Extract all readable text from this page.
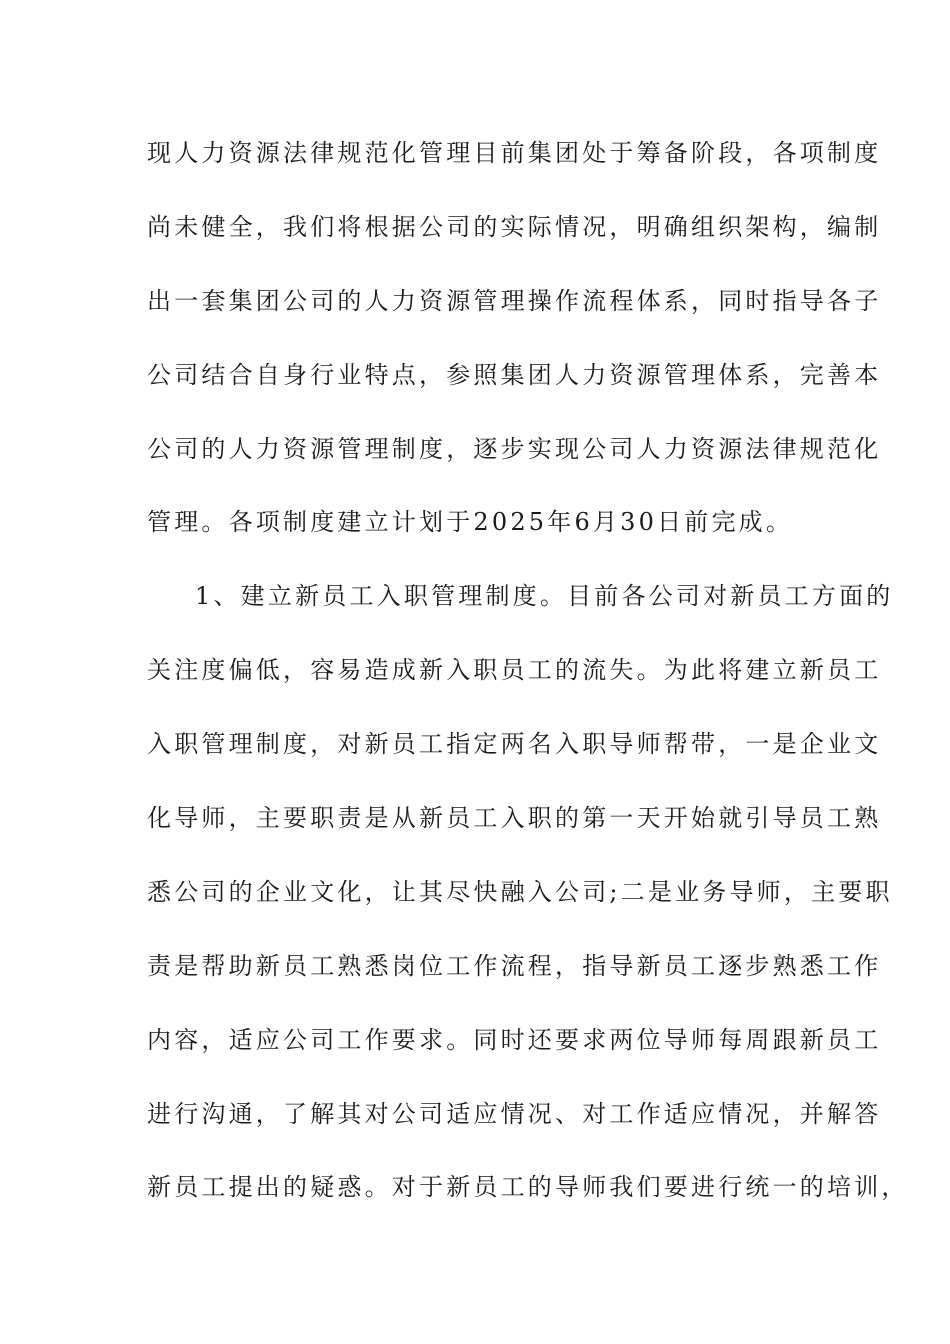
现人力资源法律规范化管理目前集团处于筹备阶段，各项制度
尚未健全，我们将根据公司的实际情况，明确组织架构，编制
出一套集团公司的人力资源管理操作流程体系，同时指导各子
公司结合自身行业特点，参照集团人力资源管理体系，完善本
公司的人力资源管理制度，逐步实现公司人力资源法律规范化
管理。各项制度建立计划于2025年6月30日前完成。
1、建立新员工入职管理制度。目前各公司对新员工方面的
关注度偏低，容易造成新入职员工的流失。为此将建立新员工
入职管理制度，对新员工指定两名入职导师帮带，一是企业文
化导师，主要职责是从新员工入职的第一天开始就引导员工熟
悉公司的企业文化，让其尽快融入公司;二是业务导师，主要职
责是帮助新员工熟悉岗位工作流程，指导新员工逐步熟悉工作
内容，适应公司工作要求。同时还要求两位导师每周跟新员工
进行沟通，了解其对公司适应情况、对工作适应情况，并解答
新员工提出的疑惑。对于新员工的导师我们要进行统一的培训，
